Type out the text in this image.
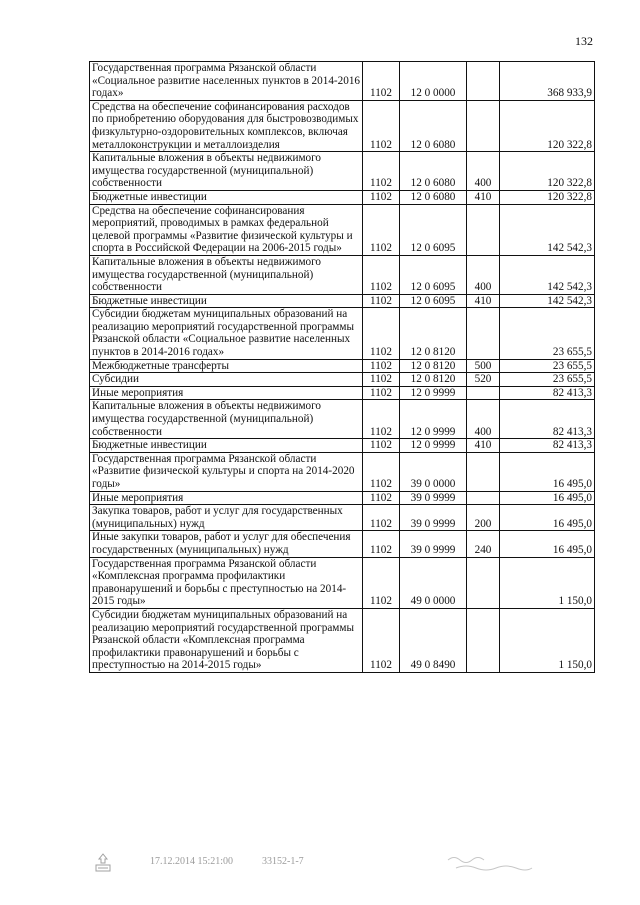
132
Государственная программа Рязанской области «Социальное развитие населенных пунктов в 2014-2016 годах»	1102	12 0 0000		368 933,9
Средства на обеспечение софинансирования расходов по приобретению оборудования для быстровозводимых физкультурно-оздоровительных комплексов, включая металлоконструкции и металлоизделия	1102	12 0 6080		120 322,8
Капитальные вложения в объекты недвижимого имущества государственной (муниципальной) собственности	1102	12 0 6080	400	120 322,8
Бюджетные инвестиции	1102	12 0 6080	410	120 322,8
Средства на обеспечение софинансирования мероприятий, проводимых в рамках федеральной целевой программы «Развитие физической культуры и спорта в Российской Федерации на 2006-2015 годы»	1102	12 0 6095		142 542,3
Капитальные вложения в объекты недвижимого имущества государственной (муниципальной) собственности	1102	12 0 6095	400	142 542,3
Бюджетные инвестиции	1102	12 0 6095	410	142 542,3
Субсидии бюджетам муниципальных образований на реализацию мероприятий государственной программы Рязанской области «Социальное развитие населенных пунктов в 2014-2016 годах»	1102	12 0 8120		23 655,5
Межбюджетные трансферты	1102	12 0 8120	500	23 655,5
Субсидии	1102	12 0 8120	520	23 655,5
Иные мероприятия	1102	12 0 9999		82 413,3
Капитальные вложения в объекты недвижимого имущества государственной (муниципальной) собственности	1102	12 0 9999	400	82 413,3
Бюджетные инвестиции	1102	12 0 9999	410	82 413,3
Государственная программа Рязанской области «Развитие физической культуры и спорта на 2014-2020 годы»	1102	39 0 0000		16 495,0
Иные мероприятия	1102	39 0 9999		16 495,0
Закупка товаров, работ и услуг для государственных (муниципальных) нужд	1102	39 0 9999	200	16 495,0
Иные закупки товаров, работ и услуг для обеспечения государственных (муниципальных) нужд	1102	39 0 9999	240	16 495,0
Государственная программа Рязанской области «Комплексная программа профилактики правонарушений и борьбы с преступностью на 2014-2015 годы»	1102	49 0 0000		1 150,0
Субсидии бюджетам муниципальных образований на реализацию мероприятий государственной программы Рязанской области «Комплексная программа профилактики правонарушений и борьбы с преступностью на 2014-2015 годы»	1102	49 0 8490		1 150,0
17.12.2014 15:21:00	33152-1-7
